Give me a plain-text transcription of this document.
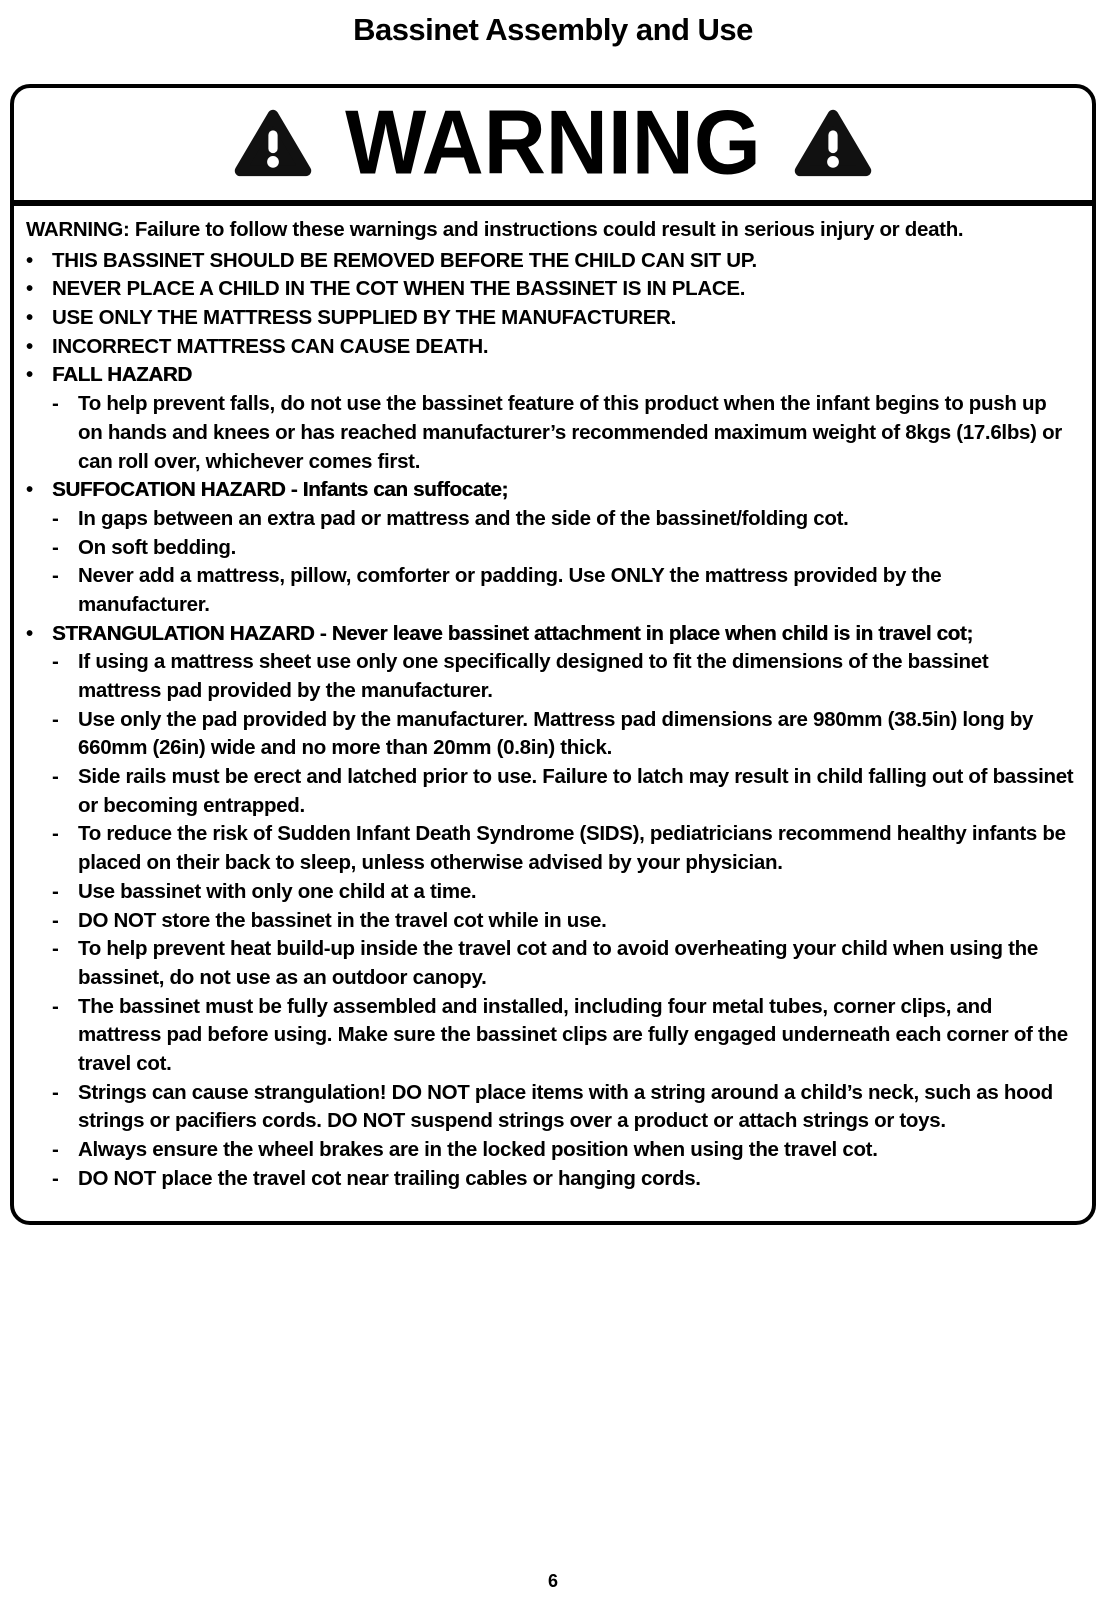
Bassinet Assembly and Use
WARNING

WARNING: Failure to follow these warnings and instructions could result in serious injury or death.

• THIS BASSINET SHOULD BE REMOVED BEFORE THE CHILD CAN SIT UP.
• NEVER PLACE A CHILD IN THE COT WHEN THE BASSINET IS IN PLACE.
• USE ONLY THE MATTRESS SUPPLIED BY THE MANUFACTURER.
• INCORRECT MATTRESS CAN CAUSE DEATH.
• FALL HAZARD
- To help prevent falls, do not use the bassinet feature of this product when the infant begins to push up on hands and knees or has reached manufacturer’s recommended maximum weight of 8kgs (17.6lbs) or can roll over, whichever comes first.
• SUFFOCATION HAZARD - Infants can suffocate;
- In gaps between an extra pad or mattress and the side of the bassinet/folding cot.
- On soft bedding.
- Never add a mattress, pillow, comforter or padding. Use ONLY the mattress provided by the manufacturer.
• STRANGULATION HAZARD - Never leave bassinet attachment in place when child is in travel cot;
- If using a mattress sheet use only one specifically designed to fit the dimensions of the bassinet mattress pad provided by the manufacturer.
- Use only the pad provided by the manufacturer. Mattress pad dimensions are 980mm (38.5in) long by 660mm (26in) wide and no more than 20mm (0.8in) thick.
- Side rails must be erect and latched prior to use. Failure to latch may result in child falling out of bassinet or becoming entrapped.
- To reduce the risk of Sudden Infant Death Syndrome (SIDS), pediatricians recommend healthy infants be placed on their back to sleep, unless otherwise advised by your physician.
- Use bassinet with only one child at a time.
- DO NOT store the bassinet in the travel cot while in use.
- To help prevent heat build-up inside the travel cot and to avoid overheating your child when using the bassinet, do not use as an outdoor canopy.
- The bassinet must be fully assembled and installed, including four metal tubes, corner clips, and mattress pad before using. Make sure the bassinet clips are fully engaged underneath each corner of the travel cot.
- Strings can cause strangulation! DO NOT place items with a string around a child’s neck, such as hood strings or pacifiers cords. DO NOT suspend strings over a product or attach strings or toys.
- Always ensure the wheel brakes are in the locked position when using the travel cot.
- DO NOT place the travel cot near trailing cables or hanging cords.
6
